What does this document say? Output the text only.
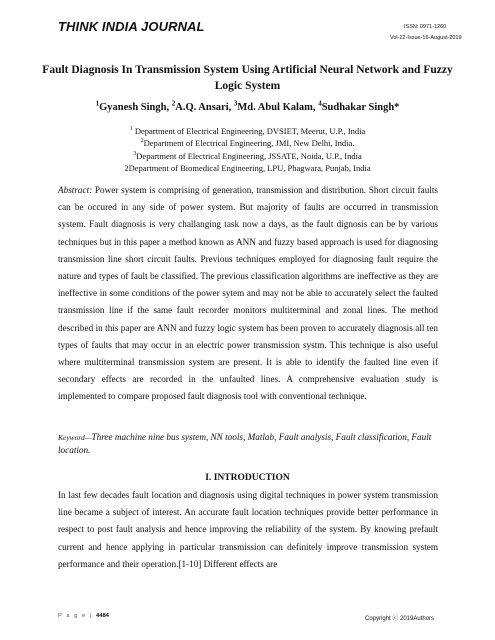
THINK INDIA JOURNAL	ISSN: 0971-1260
Vol-22-Issue-16-August-2019
Fault Diagnosis In Transmission System Using Artificial Neural Network and Fuzzy Logic System
$^1$Gyanesh Singh, $^2$A.Q. Ansari, $^3$Md. Abul Kalam, $^4$Sudhakar Singh*
$^1$ Department of Electrical Engineering, DVSIET, Meerut, U.P., India
$^2$Department of Electrical Engineering, JMI, New Delhi, India.
$^3$Department of Electrical Engineering, JSSATE, Noida, U.P., India
2Department of Biomedical Engineering, LPU, Phagwara, Punjab, India
Abstract: Power system is comprising of generation, transmission and distribution. Short circuit faults can be occured in any side of power system. But majority of faults are occurred in transmission system. Fault diagnosis is very challanging task now a days, as the fault dignosis can be by various techniques but in this paper a method known as ANN and fuzzy based approach is used for diagnosing transmission line short circuit faults. Previous techniques employed for diagnosing fault require the nature and types of fault be classified. The previous classification algorithms are ineffective as they are ineffective in some conditions of the power sytem and may not be able to accurately select the faulted transmission line if the same fault recorder monitors multiterminal and zonal lines. The method described in this paper are ANN and fuzzy logic system has been proven to accurately diagnosis all ten types of faults that may occur in an electric power transmission systm. This technique is also useful where multiterminal transmission system are present. It is able to identify the faulted line even if secondary effects are recorded in the unfaulted lines. A comprehensive evaluation study is implemented to compare proposed fault diagnosis tool with conventional technique.
Keyword—Three machine nine bus system, NN tools, Matlab, Fault analysis, Fault classification, Fault location.
I. INTRODUCTION
In last few decades fault location and diagnosis using digital techniques in power system transmission line became a subject of interest. An accurate fault location techniques provide better performance in respect to post fault analysis and hence improving the reliability of the system. By knowing prefault current and hence applying in particular transmission can definitely improve transmission system performance and their operation.[1-10] Different effects are
P a g e | 4484	Copyright ⓒ 2019Authors
